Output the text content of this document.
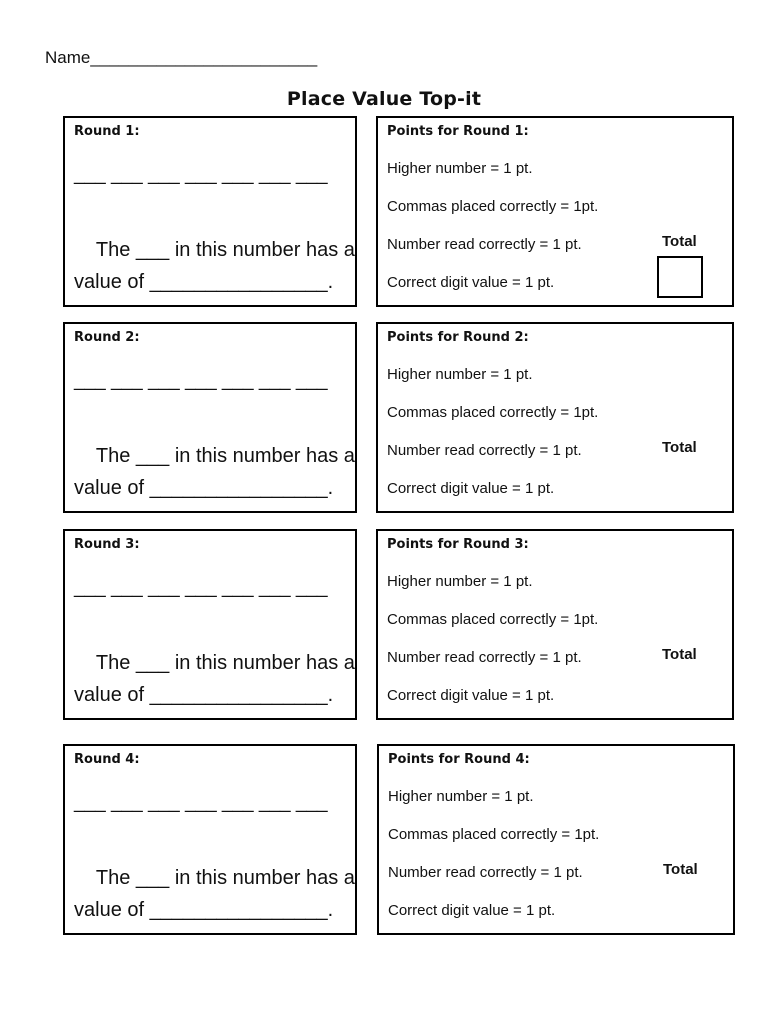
Name________________________
Place Value Top-it
Round 1:
___ ___ ___ ___ ___ ___ ___

The ___ in this number has a
value of ________________.

Points for Round 1:
Higher number = 1 pt.
Commas placed correctly = 1pt.
Number read correctly = 1 pt.
Correct digit value = 1 pt.
Total
Round 2:
___ ___ ___ ___ ___ ___ ___

The ___ in this number has a
value of ________________.

Points for Round 2:
Higher number = 1 pt.
Commas placed correctly = 1pt.
Number read correctly = 1 pt.
Correct digit value = 1 pt.
Total
Round 3:
___ ___ ___ ___ ___ ___ ___

The ___ in this number has a
value of ________________.

Points for Round 3:
Higher number = 1 pt.
Commas placed correctly = 1pt.
Number read correctly = 1 pt.
Correct digit value = 1 pt.
Total
Round 4:
___ ___ ___ ___ ___ ___ ___

The ___ in this number has a
value of ________________.

Points for Round 4:
Higher number = 1 pt.
Commas placed correctly = 1pt.
Number read correctly = 1 pt.
Correct digit value = 1 pt.
Total
